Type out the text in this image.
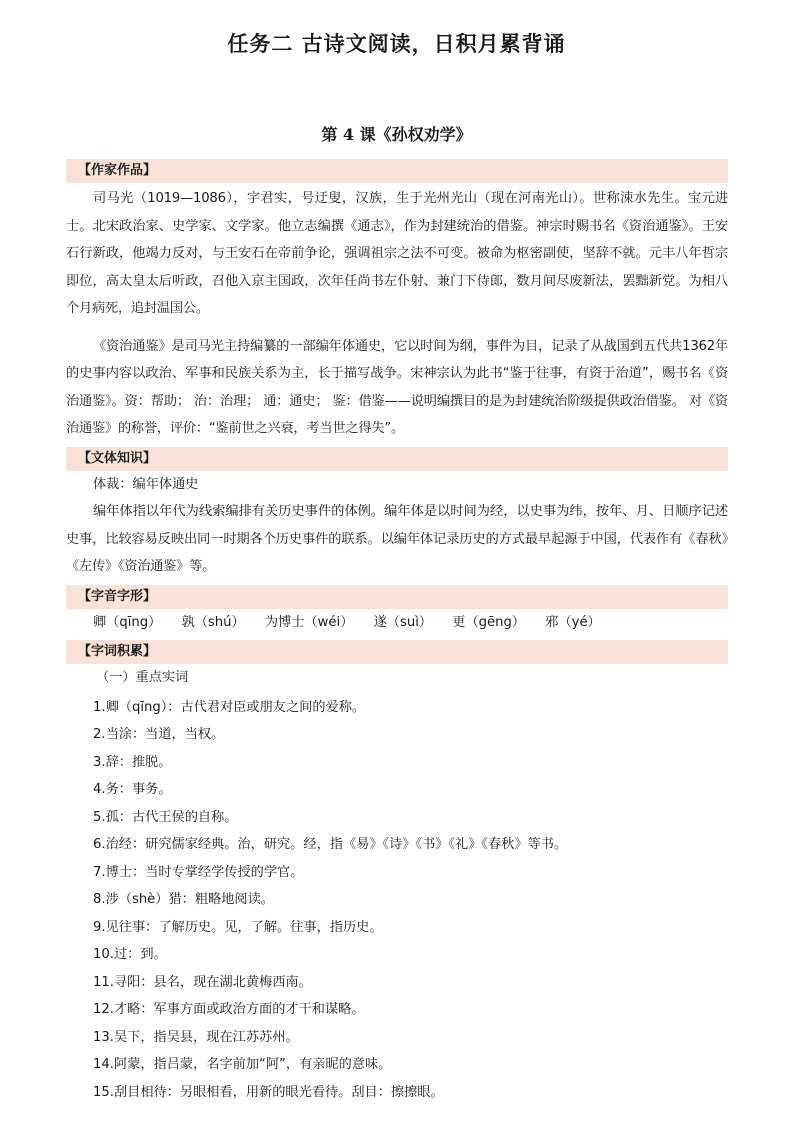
任务二 古诗文阅读，日积月累背诵
第 4 课《孙权劝学》
【作家作品】

司马光（1019—1086），字君实，号迂叟，汉族，生于光州光山（现在河南光山）。世称涑水先生。宝元进士。北宋政治家、史学家、文学家。他立志编撰《通志》，作为封建统治的借鉴。神宗时赐书名《资治通鉴》。王安石行新政，他竭力反对，与王安石在帝前争论，强调祖宗之法不可变。被命为枢密副使，坚辞不就。元丰八年哲宗即位，高太皇太后听政，召他入京主国政，次年任尚书左仆射、兼门下侍郎，数月间尽废新法，罢黜新党。为相八个月病死，追封温国公。

《资治通鉴》是司马光主持编纂的一部编年体通史，它以时间为纲，事件为目，记录了从战国到五代共1362年的史事内容以政治、军事和民族关系为主，长于描写战争。宋神宗认为此书“鉴于往事，有资于治道”，赐书名《资治通鉴》。资：帮助； 治：治理； 通：通史； 鉴：借鉴——说明编撰目的是为封建统治阶级提供政治借鉴。 对《资治通鉴》的称誉，评价：“鉴前世之兴衰，考当世之得失”。

【文体知识】
体裁：编年体通史

编年体指以年代为线索编排有关历史事件的体例。编年体是以时间为经，以史事为纬，按年、月、日顺序记述史事，比较容易反映出同一时期各个历史事件的联系。以编年体记录历史的方式最早起源于中国，代表作有《春秋》《左传》《资治通鉴》等。

【字音字形】
卿（qīng） 孰（shú） 为博士（wéi） 遂（suì） 更（gēng） 邪（yé）
【字词积累】
（一）重点实词
1.卿（qīng）：古代君对臣或朋友之间的爱称。
2.当涂：当道，当权。
3.辞：推脱。
4.务：事务。
5.孤：古代王侯的自称。
6.治经：研究儒家经典。治，研究。经，指《易》《诗》《书》《礼》《春秋》等书。
7.博士：当时专掌经学传授的学官。
8.涉（shè）猎：粗略地阅读。
9.见往事：了解历史。见，了解。往事，指历史。
10.过：到。
11.寻阳：县名，现在湖北黄梅西南。
12.才略：军事方面或政治方面的才干和谋略。
13.吴下，指吴县，现在江苏苏州。
14.阿蒙，指吕蒙，名字前加“阿”，有亲昵的意味。
15.刮目相待：另眼相看，用新的眼光看待。刮目：擦擦眼。
